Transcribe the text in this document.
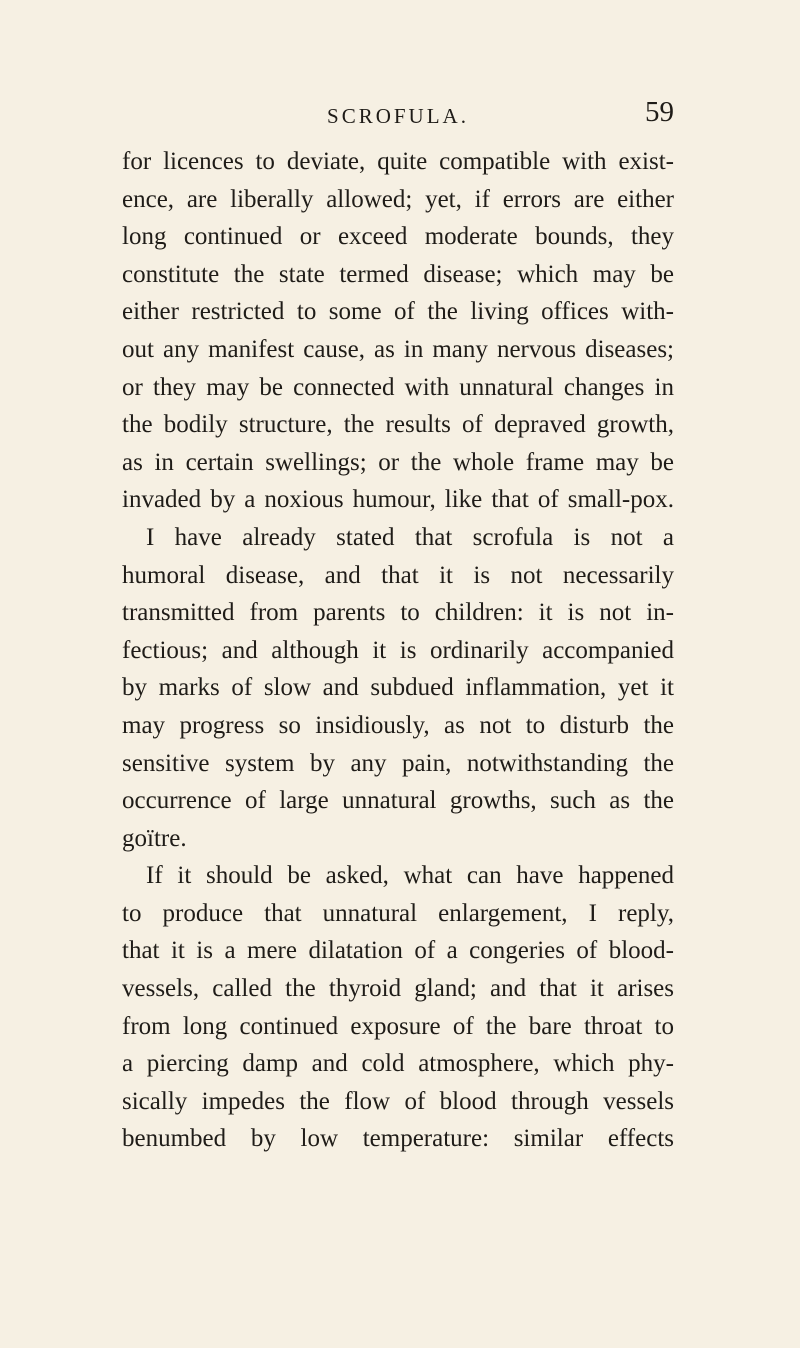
SCROFULA.	59
for licences to deviate, quite compatible with exist-
ence, are liberally allowed; yet, if errors are either
long continued or exceed moderate bounds, they
constitute the state termed disease; which may be
either restricted to some of the living offices with-
out any manifest cause, as in many nervous diseases;
or they may be connected with unnatural changes in
the bodily structure, the results of depraved growth,
as in certain swellings; or the whole frame may be
invaded by a noxious humour, like that of small-pox.
I have already stated that scrofula is not a
humoral disease, and that it is not necessarily
transmitted from parents to children: it is not in-
fectious; and although it is ordinarily accompanied
by marks of slow and subdued inflammation, yet it
may progress so insidiously, as not to disturb the
sensitive system by any pain, notwithstanding the
occurrence of large unnatural growths, such as the
goïtre.
If it should be asked, what can have happened
to produce that unnatural enlargement, I reply,
that it is a mere dilatation of a congeries of blood-
vessels, called the thyroid gland; and that it arises
from long continued exposure of the bare throat to
a piercing damp and cold atmosphere, which phy-
sically impedes the flow of blood through vessels
benumbed by low temperature: similar effects
